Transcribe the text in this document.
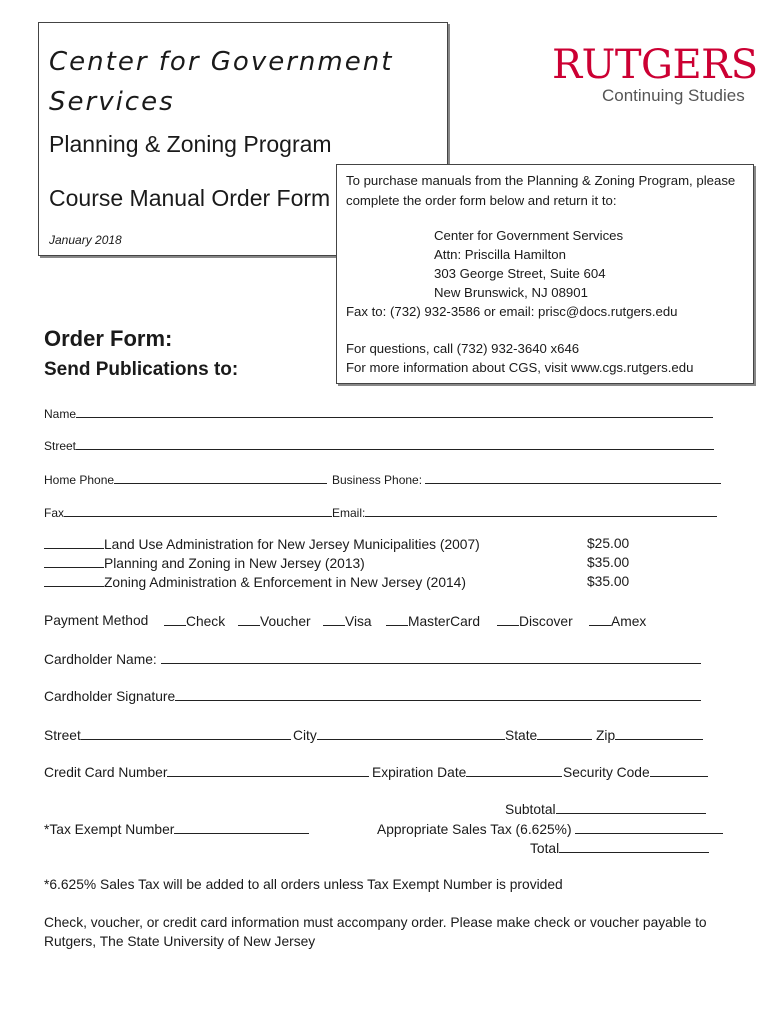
Center for Government
Services
Planning & Zoning Program
Course Manual Order Form
January 2018
RUTGERS
Continuing Studies
To purchase manuals from the Planning & Zoning Program, please
complete the order form below and return it to:
Center for Government Services
Attn: Priscilla Hamilton
303 George Street, Suite 604
New Brunswick, NJ 08901
Fax to: (732) 932-3586 or email: prisc@docs.rutgers.edu
For questions, call (732) 932-3640 x646
For more information about CGS, visit www.cgs.rutgers.edu
Order Form:
Send Publications to:
Name
Street
Home Phone	Business Phone:
Fax	Email:
Land Use Administration for New Jersey Municipalities (2007)	$25.00
Planning and Zoning in New Jersey (2013)	$35.00
Zoning Administration & Enforcement in New Jersey (2014)	$35.00
Payment Method	Check	Voucher	Visa	MasterCard	Discover	Amex
Cardholder Name:
Cardholder Signature
Street	City	State	Zip
Credit Card Number	Expiration Date	Security Code
Subtotal
*Tax Exempt Number	Appropriate Sales Tax (6.625%)
Total
*6.625% Sales Tax will be added to all orders unless Tax Exempt Number is provided
Check, voucher, or credit card information must accompany order. Please make check or voucher payable to
Rutgers, The State University of New Jersey
